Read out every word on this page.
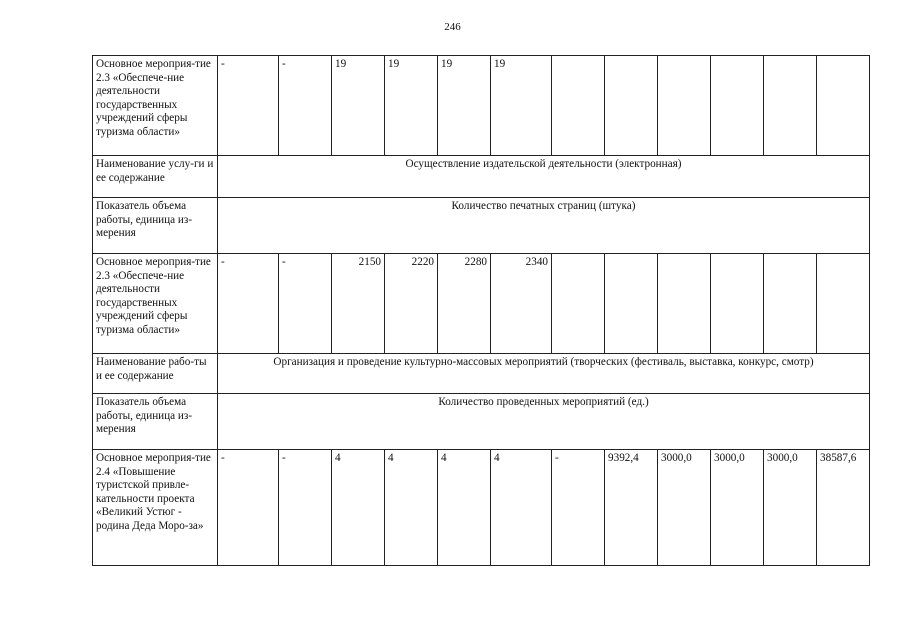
246
Основное мероприя-тие 2.3 «Обеспече-ние деятельности государственных учреждений сферы туризма области»	-	-	19	19	19	19						
Наименование услу-ги и ее содержание	Осуществление издательской деятельности (электронная)											
Показатель объема работы, единица из-мерения	Количество печатных страниц (штука)											
Основное мероприя-тие 2.3 «Обеспече-ние деятельности государственных учреждений сферы туризма области»	-	-	2150	2220	2280	2340						
Наименование рабо-ты и ее содержание	Организация и проведение культурно-массовых мероприятий (творческих (фестиваль, выставка, конкурс, смотр)											
Показатель объема работы, единица из-мерения	Количество проведенных мероприятий (ед.)											
Основное мероприя-тие 2.4 «Повышение туристской привле-кательности проекта «Великий Устюг - родина Деда Моро-за»	-	-	4	4	4	4	-	9392,4	3000,0	3000,0	3000,0	38587,6
